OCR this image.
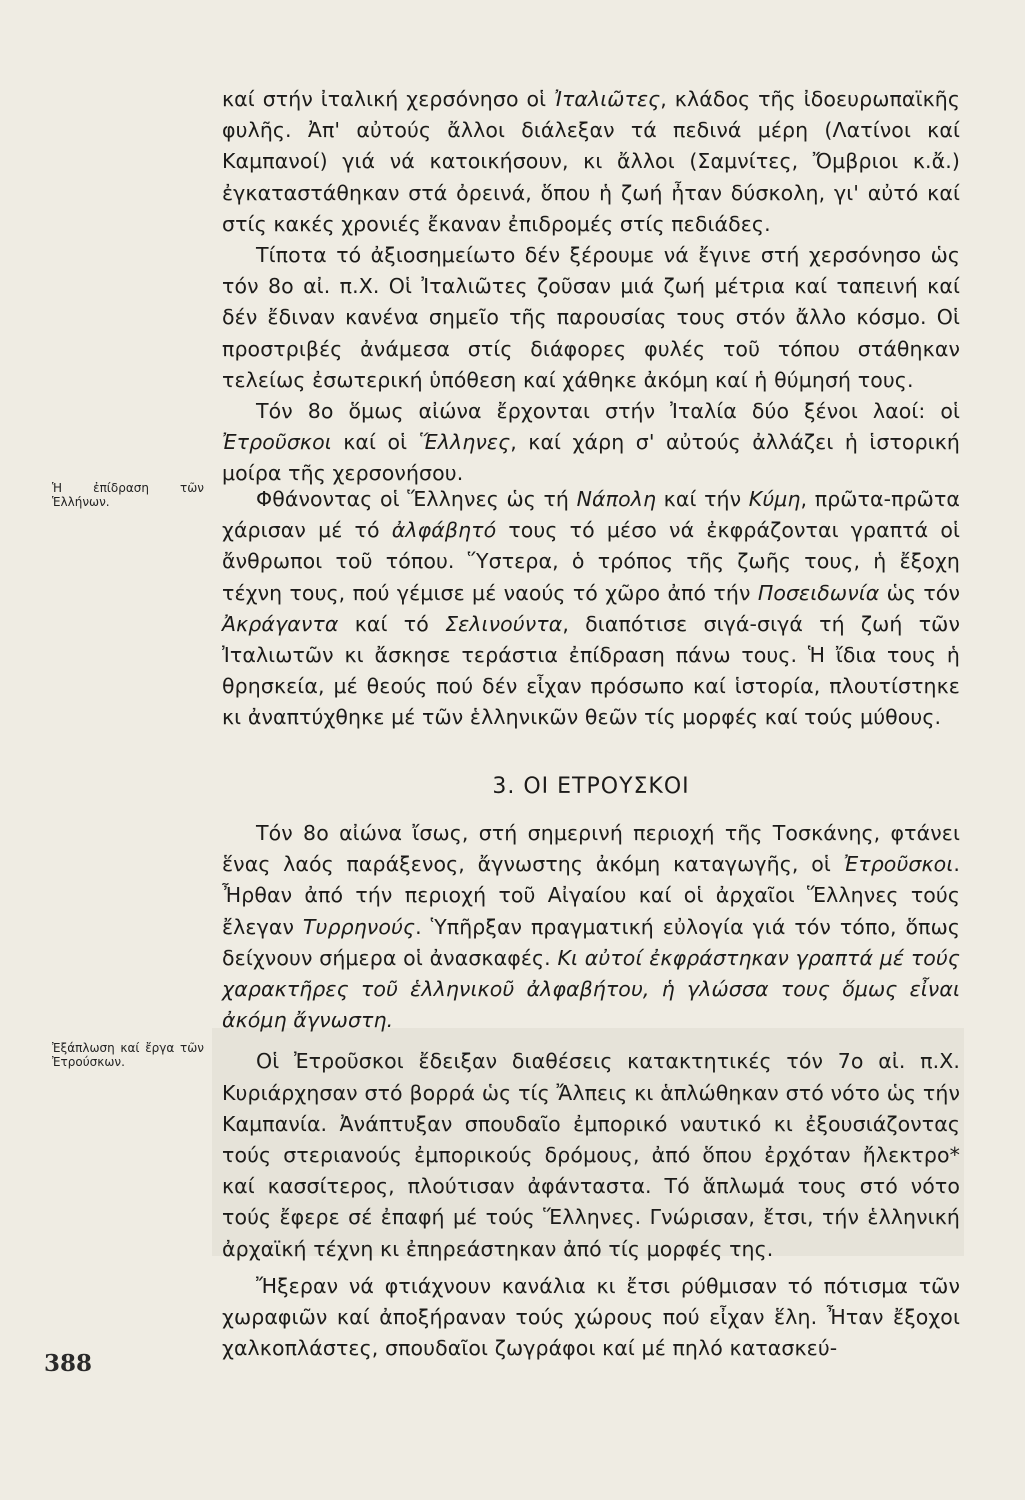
καί στήν ἰταλική χερσόνησο οἱ Ἰταλιῶτες, κλάδος τῆς ἰδοευρωπαϊκῆς φυλῆς. Ἀπ' αὐτούς ἄλλοι διάλεξαν τά πεδινά μέρη (Λατίνοι καί Καμπανοί) γιά νά κατοικήσουν, κι ἄλλοι (Σαμνίτες, Ὄμβριοι κ.ἄ.) ἐγκαταστάθηκαν στά ὀρεινά, ὅπου ἡ ζωή ἦταν δύσκολη, γι' αὐτό καί στίς κακές χρονιές ἔκαναν ἐπιδρομές στίς πεδιάδες.

Τίποτα τό ἀξιοσημείωτο δέν ξέρουμε νά ἔγινε στή χερσόνησο ὡς τόν 8ο αἰ. π.Χ. Οἱ Ἰταλιῶτες ζοῦσαν μιά ζωή μέτρια καί ταπεινή καί δέν ἔδιναν κανένα σημεῖο τῆς παρουσίας τους στόν ἄλλο κόσμο. Οἱ προστριβές ἀνάμεσα στίς διάφορες φυλές τοῦ τόπου στάθηκαν τελείως ἐσωτερική ὑπόθεση καί χάθηκε ἀκόμη καί ἡ θύμησή τους.

Τόν 8ο ὅμως αἰώνα ἔρχονται στήν Ἰταλία δύο ξένοι λαοί: οἱ Ἐτροῦσκοι καί οἱ Ἕλληνες, καί χάρη σ' αὐτούς ἀλλάζει ἡ ἱστορική μοίρα τῆς χερσονήσου.

Ἡ ἐπίδραση τῶν Ἑλλήνων.	Φθάνοντας οἱ Ἕλληνες ὡς τή Νάπολη καί τήν Κύμη, πρῶτα-πρῶτα χάρισαν μέ τό ἀλφάβητό τους τό μέσο νά ἐκφράζονται γραπτά οἱ ἄνθρωποι τοῦ τόπου. Ὕστερα, ὁ τρόπος τῆς ζωῆς τους, ἡ ἔξοχη τέχνη τους, πού γέμισε μέ ναούς τό χῶρο ἀπό τήν Ποσειδωνία ὡς τόν Ἀκράγαντα καί τό Σελινούντα, διαπότισε σιγά-σιγά τή ζωή τῶν Ἰταλιωτῶν κι ἄσκησε τεράστια ἐπίδραση πάνω τους. Ἡ ἴδια τους ἡ θρησκεία, μέ θεούς πού δέν εἶχαν πρόσωπο καί ἱστορία, πλουτίστηκε κι ἀναπτύχθηκε μέ τῶν ἑλληνικῶν θεῶν τίς μορφές καί τούς μύθους.

3. ΟΙ ΕΤΡΟΥΣΚΟΙ

Τόν 8ο αἰώνα ἴσως, στή σημερινή περιοχή τῆς Τοσκάνης, φτάνει ἕνας λαός παράξενος, ἄγνωστης ἀκόμη καταγωγῆς, οἱ Ἐτροῦσκοι. Ἦρθαν ἀπό τήν περιοχή τοῦ Αἰγαίου καί οἱ ἀρχαῖοι Ἕλληνες τούς ἔλεγαν Τυρρηνούς. Ὑπῆρξαν πραγματική εὐλογία γιά τόν τόπο, ὅπως δείχνουν σήμερα οἱ ἀνασκαφές. Κι αὐτοί ἐκφράστηκαν γραπτά μέ τούς χαρακτῆρες τοῦ ἑλληνικοῦ ἀλφαβήτου, ἡ γλώσσα τους ὅμως εἶναι ἀκόμη ἄγνωστη.

Οἱ Ἐτροῦσκοι ἔδειξαν διαθέσεις κατακτητικές τόν 7ο αἰ. π.Χ. Κυριάρχησαν στό βορρά ὡς τίς Ἄλπεις κι ἁπλώθηκαν στό νότο ὡς τήν Καμπανία. Ἀνάπτυξαν σπουδαῖο ἐμπορικό ναυτικό κι ἐξουσιάζοντας τούς στεριανούς ἐμπορικούς δρόμους, ἀπό ὅπου ἐρχόταν ἤλεκτρο* καί κασσίτερος, πλούτισαν ἀφάνταστα. Τό ἅπλωμά τους στό νότο τούς ἔφερε σέ ἐπαφή μέ τούς Ἕλληνες. Γνώρισαν, ἔτσι, τήν ἑλληνική ἀρχαϊκή τέχνη κι ἐπηρεάστηκαν ἀπό τίς μορφές της.

Ἤξεραν νά φτιάχνουν κανάλια κι ἔτσι ρύθμισαν τό πότισμα τῶν χωραφιῶν καί ἀποξήραναν τούς χώρους πού εἶχαν ἕλη. Ἦταν ἔξοχοι χαλκοπλάστες, σπουδαῖοι ζωγράφοι καί μέ πηλό κατασκεύ-

Ἐξάπλωση καί ἔργα τῶν Ἐτρούσκων.
388
